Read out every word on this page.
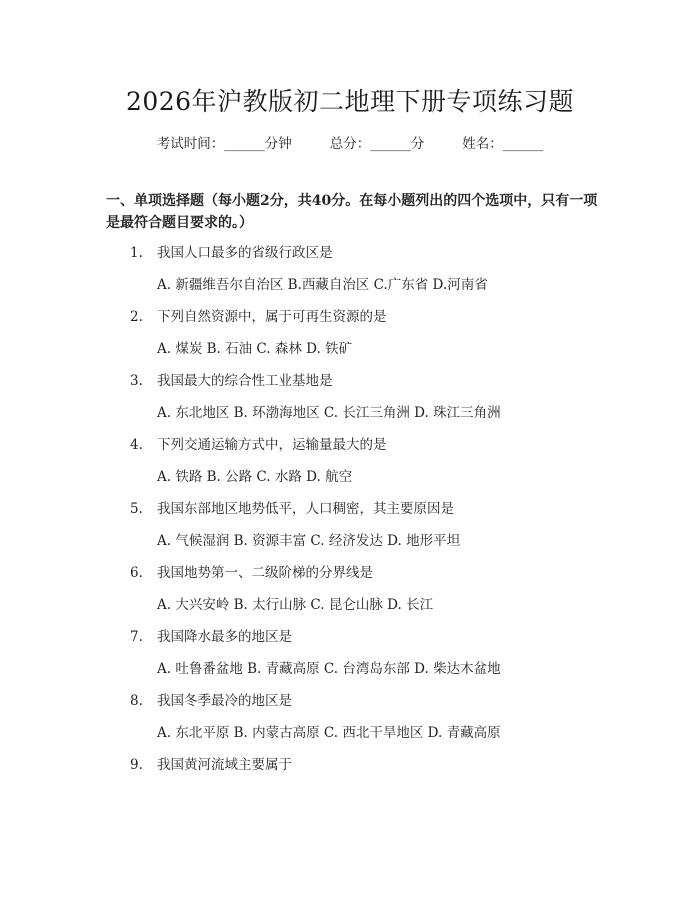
2026年沪教版初二地理下册专项练习题
考试时间：______分钟	总分：______分	姓名：______
一、单项选择题（每小题2分，共40分。在每小题列出的四个选项中，只有一项是最符合题目要求的。）
1.	我国人口最多的省级行政区是
A. 新疆维吾尔自治区 B.西藏自治区 C.广东省 D.河南省
2.	下列自然资源中，属于可再生资源的是
A. 煤炭 B. 石油 C. 森林 D. 铁矿
3.	我国最大的综合性工业基地是
A. 东北地区 B. 环渤海地区 C. 长江三角洲 D. 珠江三角洲
4.	下列交通运输方式中，运输量最大的是
A. 铁路 B. 公路 C. 水路 D. 航空
5.	我国东部地区地势低平，人口稠密，其主要原因是
A. 气候湿润 B. 资源丰富 C. 经济发达 D. 地形平坦
6.	我国地势第一、二级阶梯的分界线是
A. 大兴安岭 B. 太行山脉 C. 昆仑山脉 D. 长江
7.	我国降水最多的地区是
A. 吐鲁番盆地 B. 青藏高原 C. 台湾岛东部 D. 柴达木盆地
8.	我国冬季最冷的地区是
A. 东北平原 B. 内蒙古高原 C. 西北干旱地区 D. 青藏高原
9.	我国黄河流域主要属于
